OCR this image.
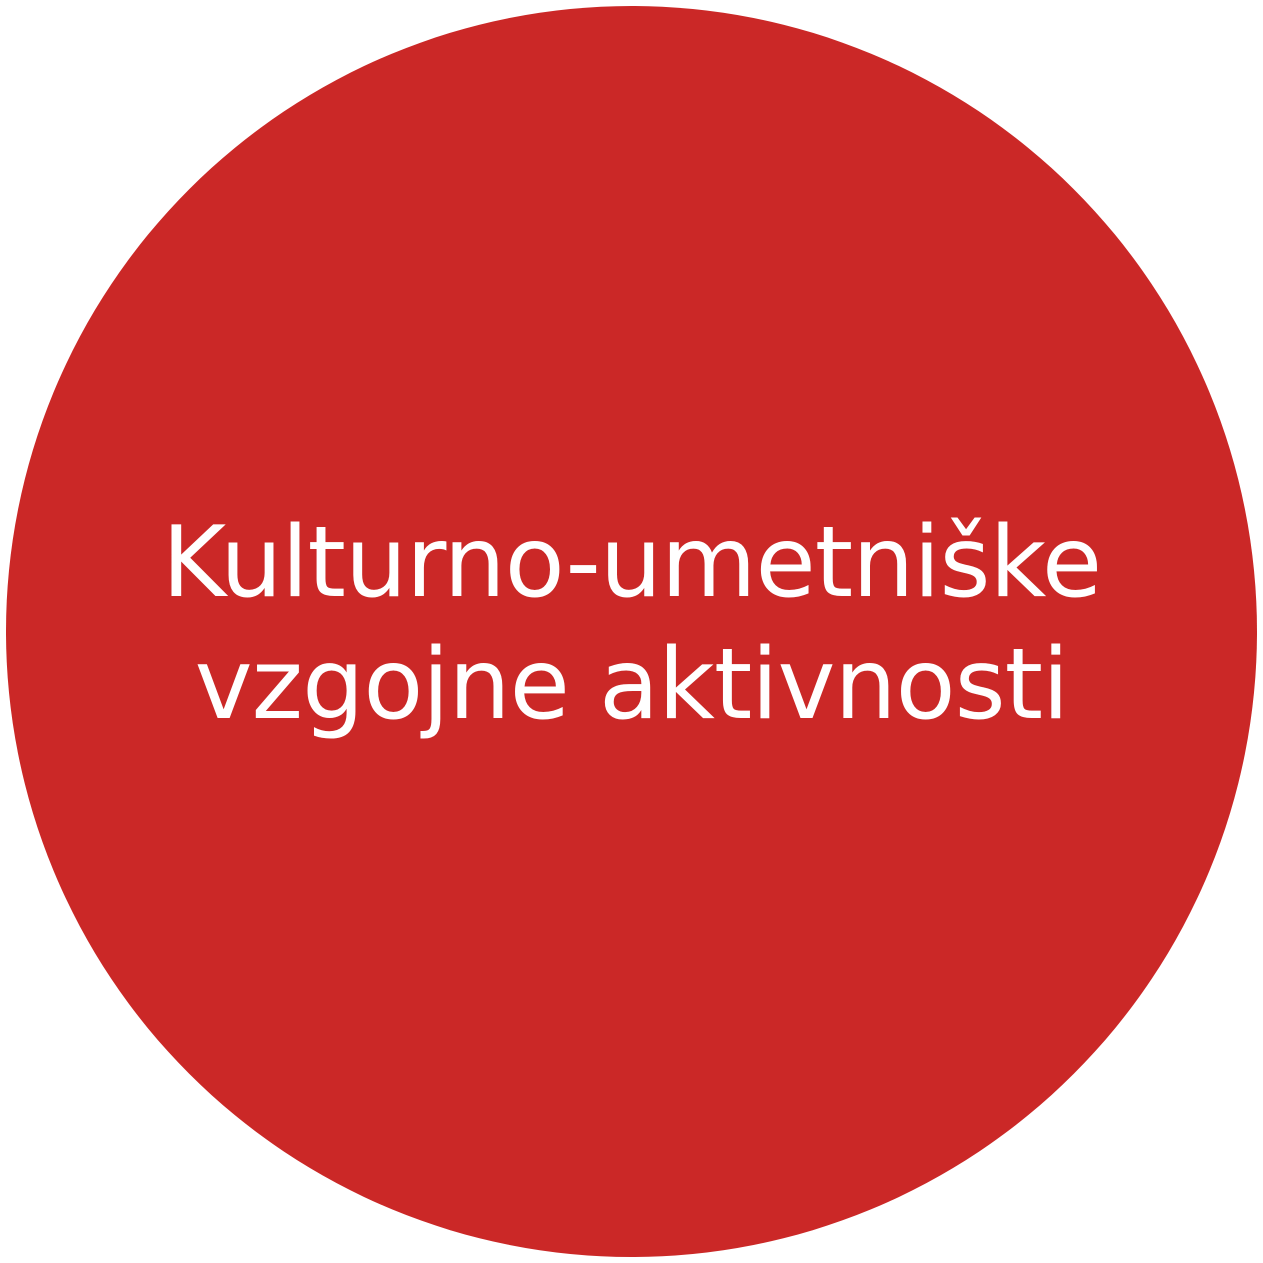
Kulturno-umetniške
vzgojne aktivnosti
